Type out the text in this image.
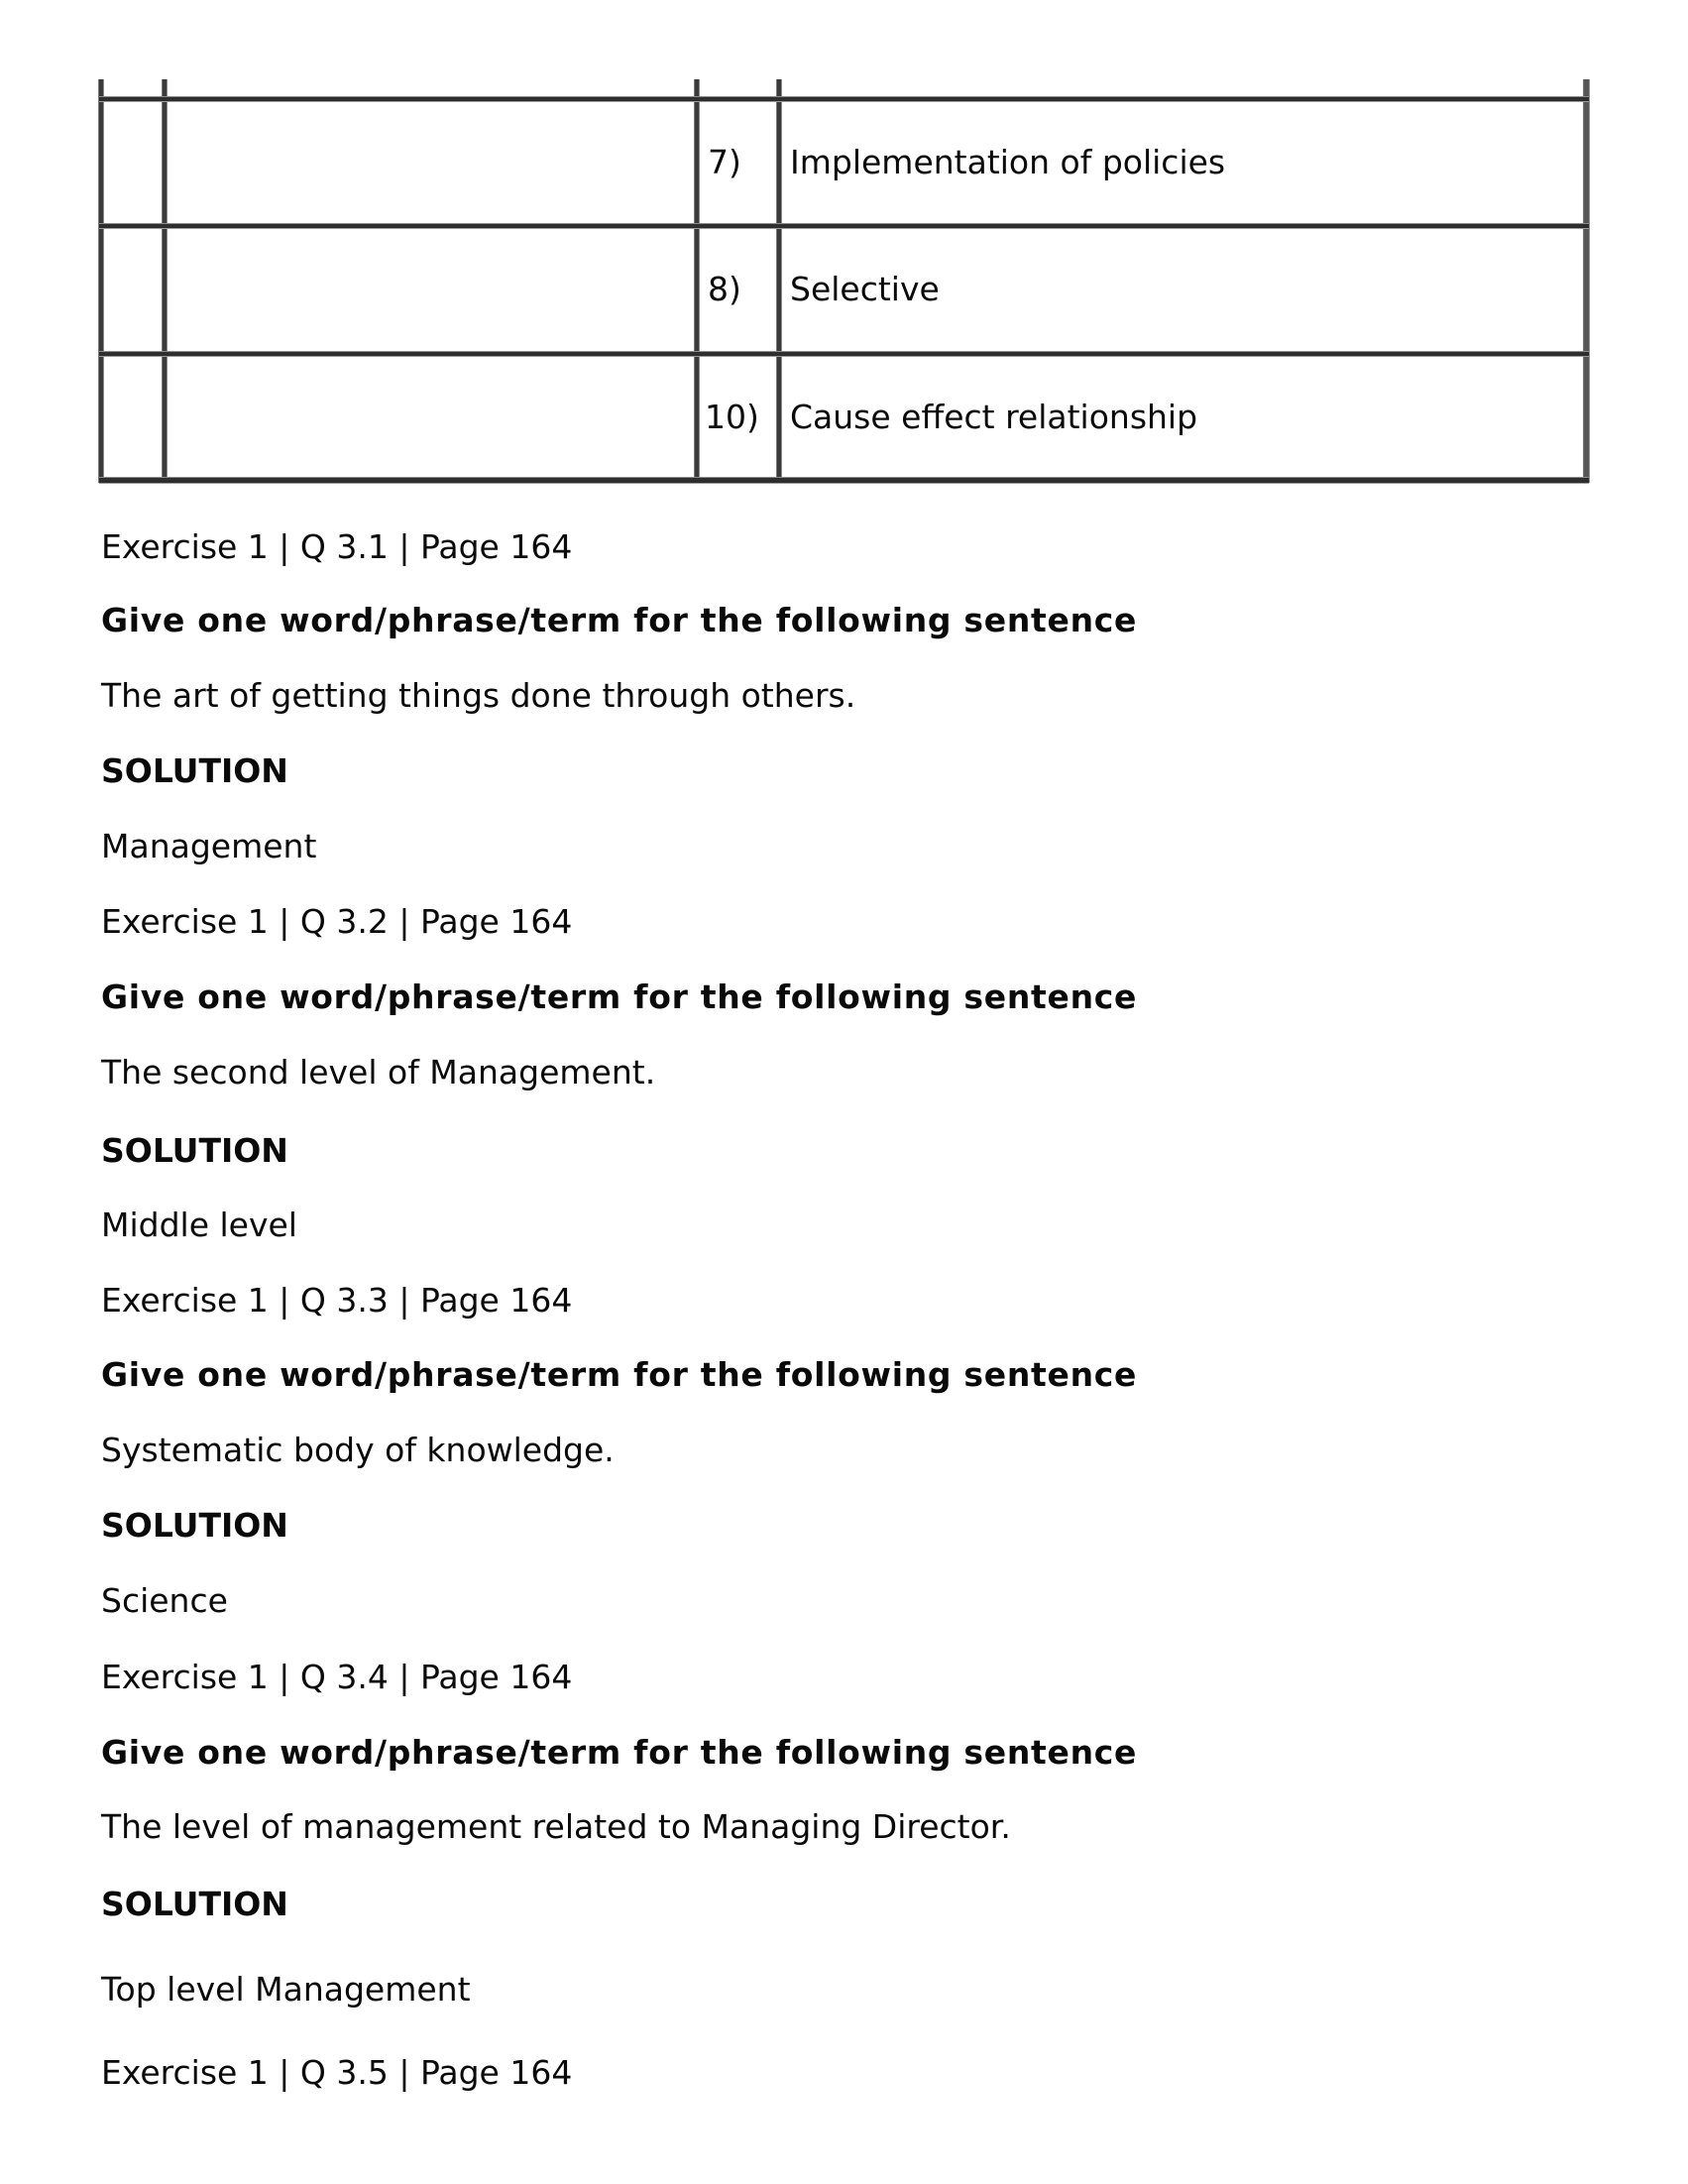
7) Implementation of policies
8) Selective
10) Cause effect relationship
Exercise 1 | Q 3.1 | Page 164
Give one word/phrase/term for the following sentence
The art of getting things done through others.
SOLUTION
Management
Exercise 1 | Q 3.2 | Page 164
Give one word/phrase/term for the following sentence
The second level of Management.
SOLUTION
Middle level
Exercise 1 | Q 3.3 | Page 164
Give one word/phrase/term for the following sentence
Systematic body of knowledge.
SOLUTION
Science
Exercise 1 | Q 3.4 | Page 164
Give one word/phrase/term for the following sentence
The level of management related to Managing Director.
SOLUTION
Top level Management
Exercise 1 | Q 3.5 | Page 164
